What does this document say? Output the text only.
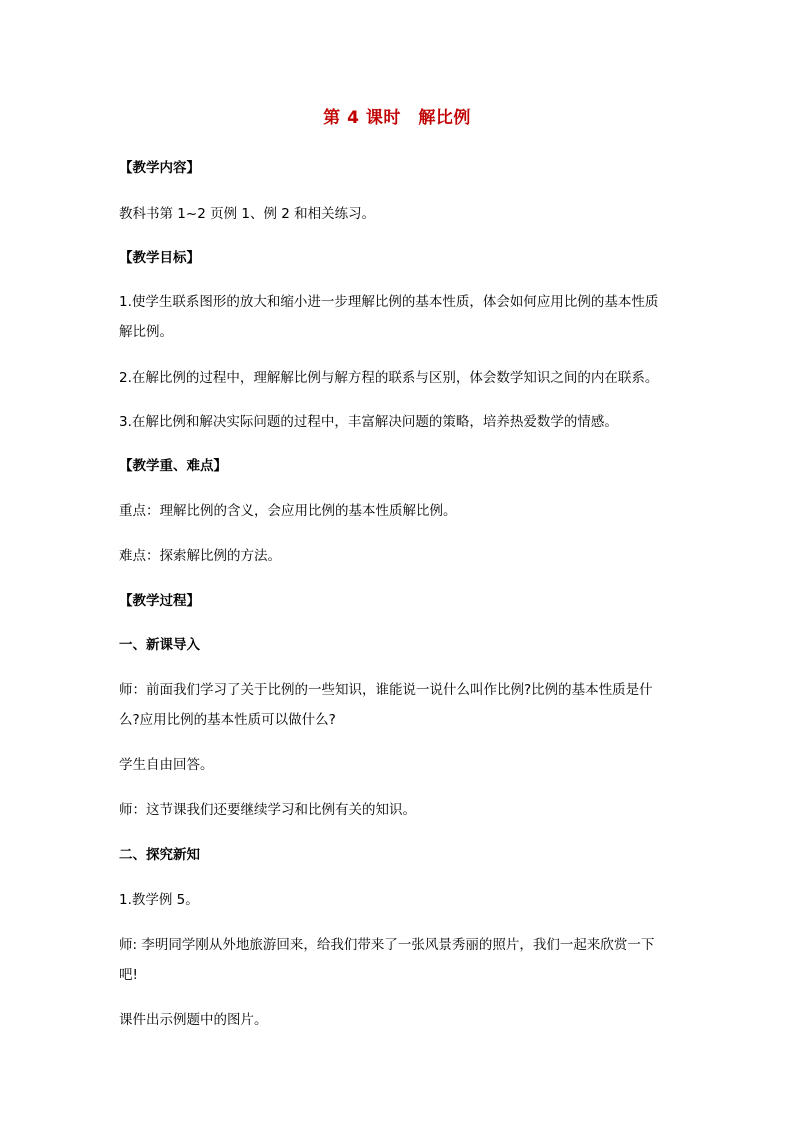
第 4 课时　解比例
【教学内容】
教科书第 1~2 页例 1、例 2 和相关练习。
【教学目标】
1.使学生联系图形的放大和缩小进一步理解比例的基本性质，体会如何应用比例的基本性质
解比例。
2.在解比例的过程中，理解解比例与解方程的联系与区别，体会数学知识之间的内在联系。
3.在解比例和解决实际问题的过程中，丰富解决问题的策略，培养热爱数学的情感。
【教学重、难点】
重点：理解比例的含义，会应用比例的基本性质解比例。
难点：探索解比例的方法。
【教学过程】
一、新课导入
师：前面我们学习了关于比例的一些知识，谁能说一说什么叫作比例?比例的基本性质是什
么?应用比例的基本性质可以做什么?
学生自由回答。
师：这节课我们还要继续学习和比例有关的知识。
二、探究新知
1.教学例 5。
师: 李明同学刚从外地旅游回来，给我们带来了一张风景秀丽的照片，我们一起来欣赏一下
吧!
课件出示例题中的图片。
